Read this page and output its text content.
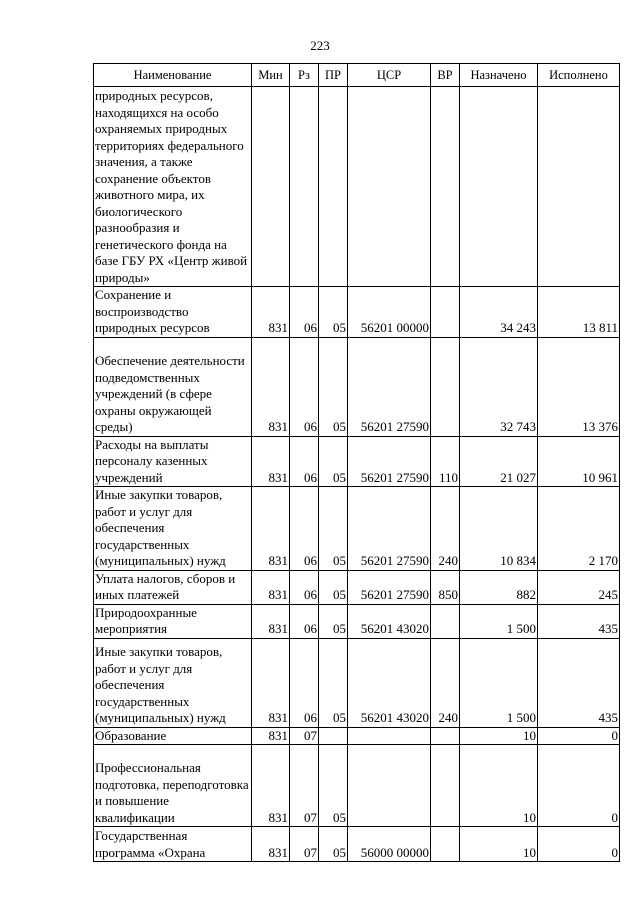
223
Наименование	Мин	Рз	ПР	ЦСР	ВР	Назначено	Исполнено
природных ресурсов, находящихся на особо охраняемых природных территориях федерального значения, а также сохранение объектов животного мира, их биологического разнообразия и генетического фонда на базе ГБУ РХ «Центр живой природы»							
Сохранение и воспроизводство природных ресурсов	831	06	05	56201 00000		34 243	13 811
Обеспечение деятельности подведомственных учреждений (в сфере охраны окружающей среды)	831	06	05	56201 27590		32 743	13 376
Расходы на выплаты персоналу казенных учреждений	831	06	05	56201 27590	110	21 027	10 961
Иные закупки товаров, работ и услуг для обеспечения государственных (муниципальных) нужд	831	06	05	56201 27590	240	10 834	2 170
Уплата налогов, сборов и иных платежей	831	06	05	56201 27590	850	882	245
Природоохранные мероприятия	831	06	05	56201 43020		1 500	435
Иные закупки товаров, работ и услуг для обеспечения государственных (муниципальных) нужд	831	06	05	56201 43020	240	1 500	435
Образование	831	07				10	0
Профессиональная подготовка, переподготовка и повышение квалификации	831	07	05			10	0
Государственная программа «Охрана	831	07	05	56000 00000		10	0
